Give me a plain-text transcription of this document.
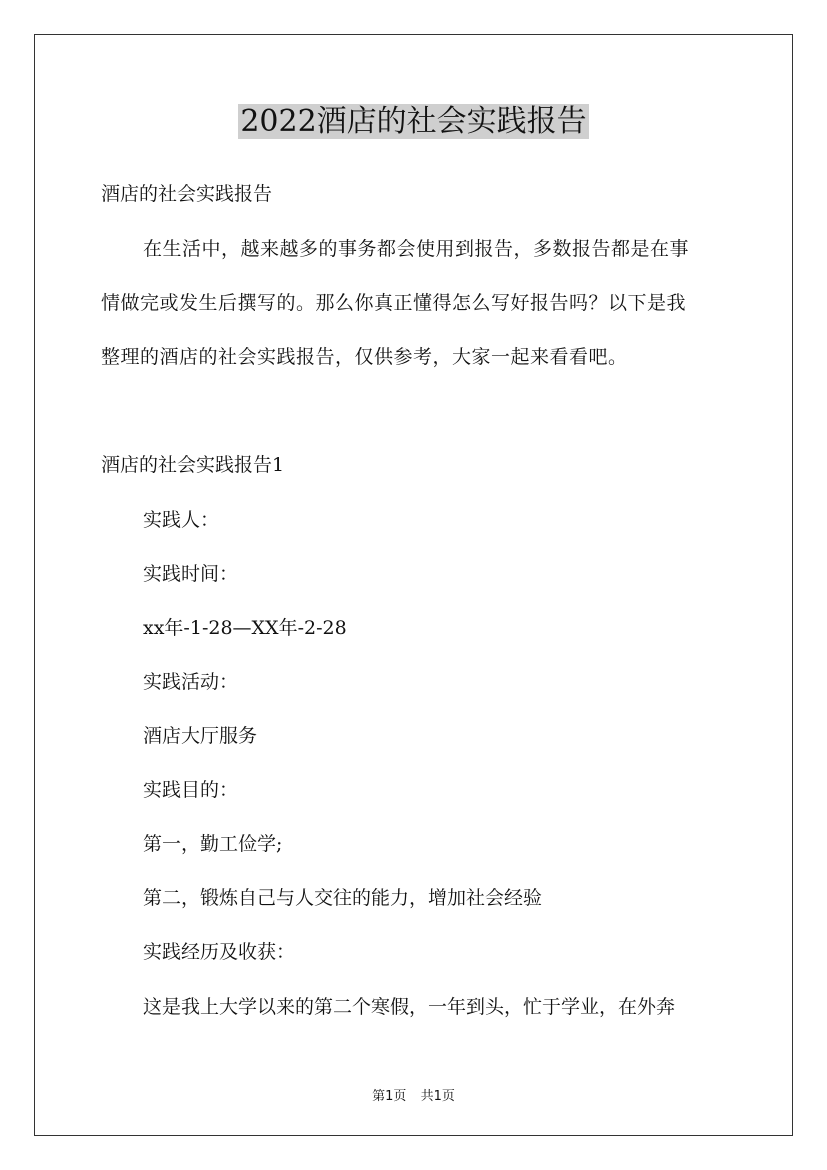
2022酒店的社会实践报告
酒店的社会实践报告
在生活中，越来越多的事务都会使用到报告，多数报告都是在事
情做完或发生后撰写的。那么你真正懂得怎么写好报告吗？以下是我
整理的酒店的社会实践报告，仅供参考，大家一起来看看吧。
酒店的社会实践报告1
实践人：
实践时间：
xx年-1-28—XX年-2-28
实践活动：
酒店大厅服务
实践目的：
第一，勤工俭学;
第二，锻炼自己与人交往的能力，增加社会经验
实践经历及收获：
这是我上大学以来的第二个寒假，一年到头，忙于学业，在外奔
第1页 共1页
